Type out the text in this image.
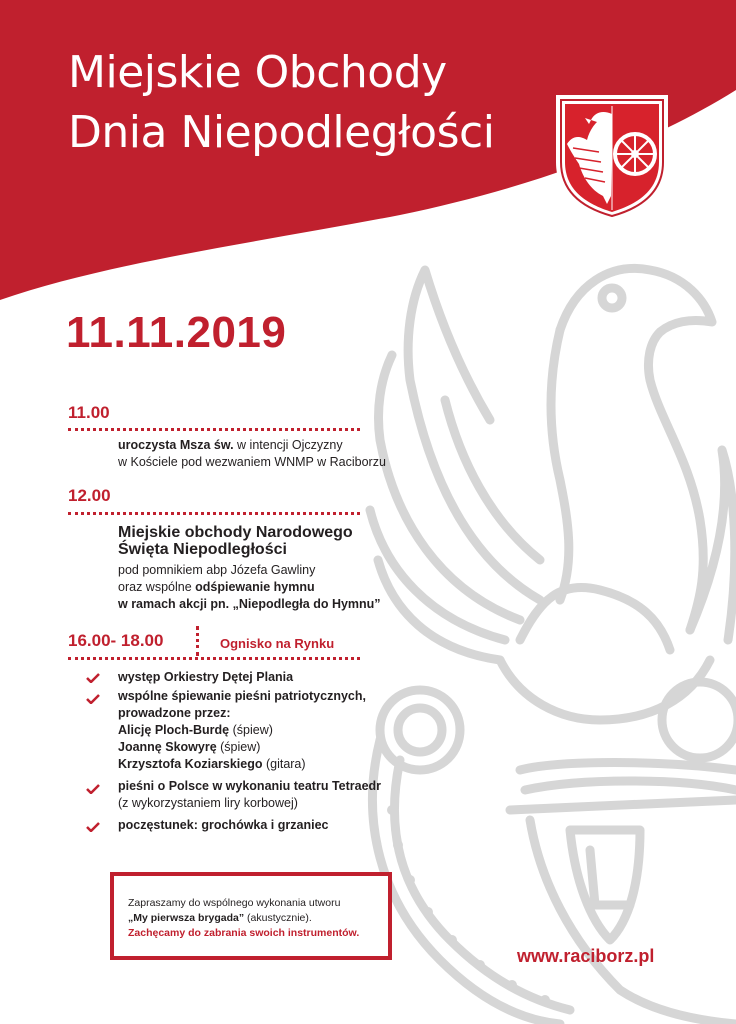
Miejskie Obchody
Dnia Niepodległości
11.11.2019
11.00
uroczysta Msza św. w intencji Ojczyzny
w Kościele pod wezwaniem WNMP w Raciborzu
12.00
Miejskie obchody Narodowego
Święta Niepodległości
pod pomnikiem abp Józefa Gawliny
oraz wspólne odśpiewanie hymnu
w ramach akcji pn. „Niepodległa do Hymnu”
16.00- 18.00	Ognisko na Rynku
występ Orkiestry Dętej Plania
wspólne śpiewanie pieśni patriotycznych,
prowadzone przez:
Alicję Ploch-Burdę (śpiew)
Joannę Skowyrę (śpiew)
Krzysztofa Koziarskiego (gitara)
pieśni o Polsce w wykonaniu teatru Tetraedr
(z wykorzystaniem liry korbowej)
poczęstunek: grochówka i grzaniec
Zapraszamy do wspólnego wykonania utworu
„My pierwsza brygada” (akustycznie).
Zachęcamy do zabrania swoich instrumentów.
www.raciborz.pl
